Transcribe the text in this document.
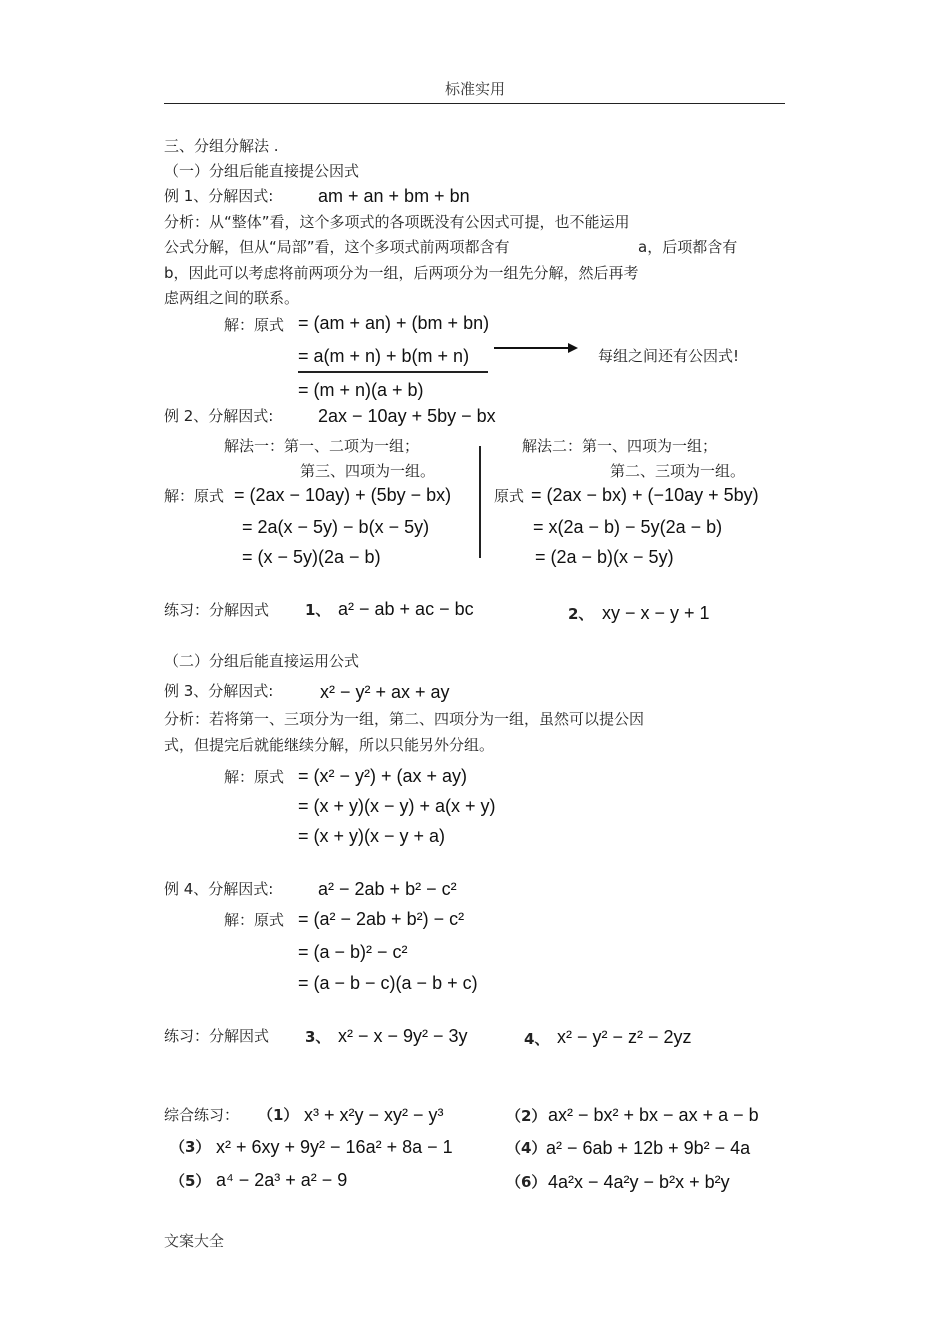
标准实用
三、分组分解法 .
（一）分组后能直接提公因式
例 1、分解因式: am + an + bm + bn
分析：从“整体”看，这个多项式的各项既没有公因式可提，也不能运用
公式分解，但从“局部”看，这个多项式前两项都含有	a，后项都含有
b，因此可以考虑将前两项分为一组，后两项分为一组先分解，然后再考
虑两组之间的联系。
解：原式 = (am + an) + (bm + bn)
= a(m + n) + b(m + n)	每组之间还有公因式!
= (m + n)(a + b)
例 2、分解因式: 2ax − 10ay + 5by − bx
解法一：第一、二项为一组；
第三、四项为一组。
解法二：第一、四项为一组；
第二、三项为一组。
解：原式 = (2ax − 10ay) + (5by − bx)
= 2a(x − 5y) − b(x − 5y)
= (x − 5y)(2a − b)
原式 = (2ax − bx) + (−10ay + 5by)
= x(2a − b) − 5y(2a − b)
= (2a − b)(x − 5y)
练习：分解因式 1、 a² − ab + ac − bc	2、 xy − x − y + 1
（二）分组后能直接运用公式
例 3、分解因式:	x² − y² + ax + ay
分析：若将第一、三项分为一组，第二、四项分为一组，虽然可以提公因
式，但提完后就能继续分解，所以只能另外分组。
解：原式 = (x² − y²) + (ax + ay)
= (x + y)(x − y) + a(x + y)
= (x + y)(x − y + a)
例 4、分解因式: a² − 2ab + b² − c²
解：原式 = (a² − 2ab + b²) − c²
= (a − b)² − c²
= (a − b − c)(a − b + c)
练习：分解因式 3、 x² − x − 9y² − 3y	4、 x² − y² − z² − 2yz
综合练习： （1） x³ + x²y − xy² − y³	（2） ax² − bx² + bx − ax + a − b
（3） x² + 6xy + 9y² − 16a² + 8a − 1	（4） a² − 6ab + 12b + 9b² − 4a
（5） a⁴ − 2a³ + a² − 9	（6） 4a²x − 4a²y − b²x + b²y
文案大全
